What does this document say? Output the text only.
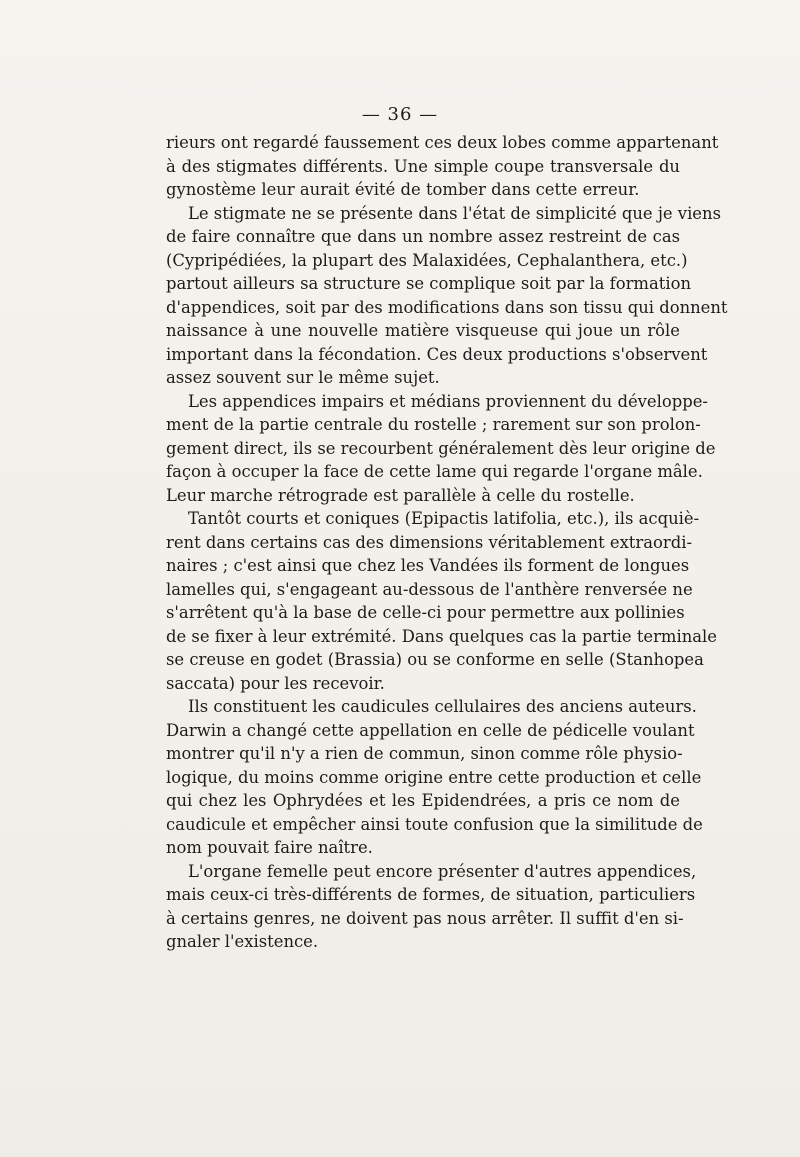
— 36 —
rieurs ont regardé faussement ces deux lobes comme appartenant
à des stigmates différents. Une simple coupe transversale du
gynostème leur aurait évité de tomber dans cette erreur.
Le stigmate ne se présente dans l'état de simplicité que je viens
de faire connaître que dans un nombre assez restreint de cas
(Cypripédiées, la plupart des Malaxidées, Cephalanthera, etc.)
partout ailleurs sa structure se complique soit par la formation
d'appendices, soit par des modifications dans son tissu qui donnent
naissance à une nouvelle matière visqueuse qui joue un rôle
important dans la fécondation. Ces deux productions s'observent
assez souvent sur le même sujet.
Les appendices impairs et médians proviennent du développe-
ment de la partie centrale du rostelle ; rarement sur son prolon-
gement direct, ils se recourbent généralement dès leur origine de
façon à occuper la face de cette lame qui regarde l'organe mâle.
Leur marche rétrograde est parallèle à celle du rostelle.
Tantôt courts et coniques (Epipactis latifolia, etc.), ils acquiè-
rent dans certains cas des dimensions véritablement extraordi-
naires ; c'est ainsi que chez les Vandées ils forment de longues
lamelles qui, s'engageant au-dessous de l'anthère renversée ne
s'arrêtent qu'à la base de celle-ci pour permettre aux pollinies
de se fixer à leur extrémité. Dans quelques cas la partie terminale
se creuse en godet (Brassia) ou se conforme en selle (Stanhopea
saccata) pour les recevoir.
Ils constituent les caudicules cellulaires des anciens auteurs.
Darwin a changé cette appellation en celle de pédicelle voulant
montrer qu'il n'y a rien de commun, sinon comme rôle physio-
logique, du moins comme origine entre cette production et celle
qui chez les Ophrydées et les Epidendrées, a pris ce nom de
caudicule et empêcher ainsi toute confusion que la similitude de
nom pouvait faire naître.
L'organe femelle peut encore présenter d'autres appendices,
mais ceux-ci très-différents de formes, de situation, particuliers
à certains genres, ne doivent pas nous arrêter. Il suffit d'en si-
gnaler l'existence.
